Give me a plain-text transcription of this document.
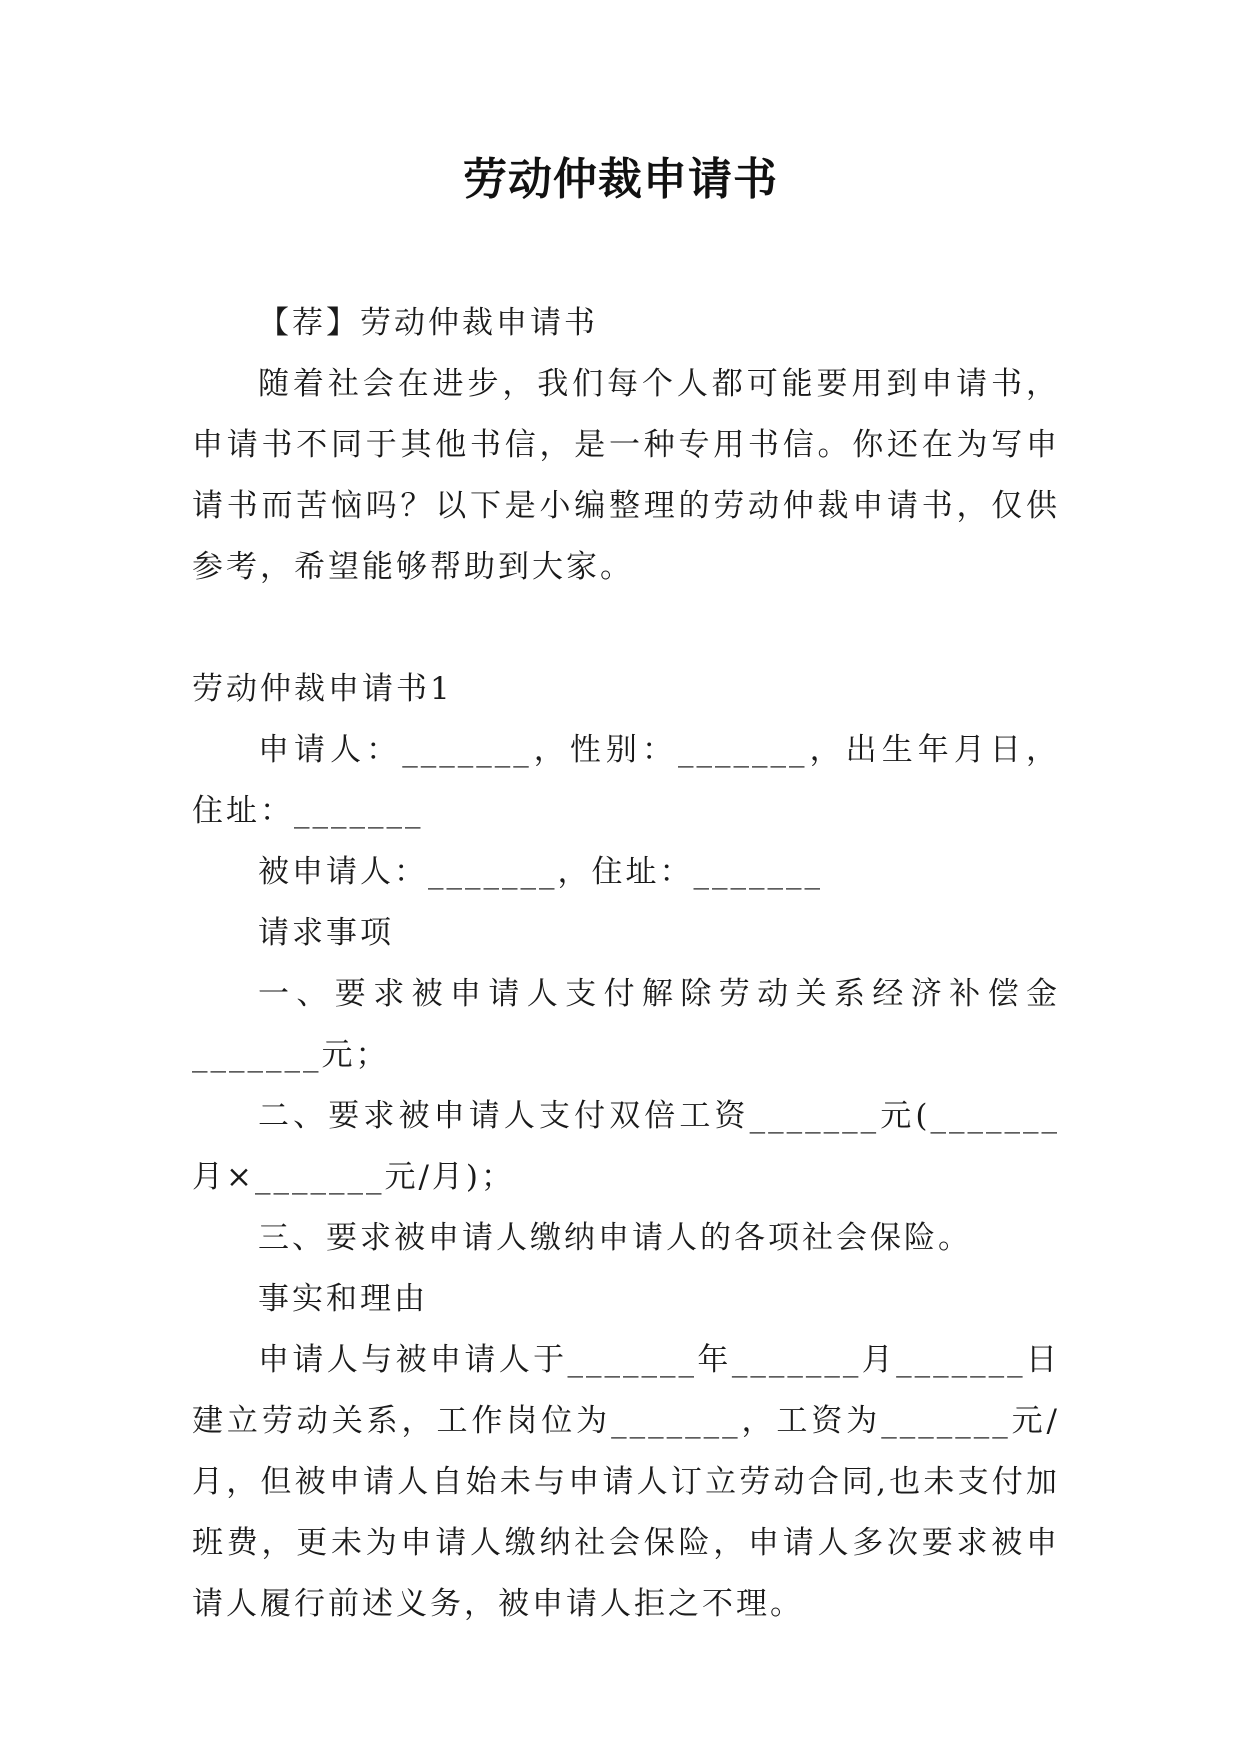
劳动仲裁申请书

【荐】劳动仲裁申请书

随着社会在进步，我们每个人都可能要用到申请书，申请书不同于其他书信，是一种专用书信。你还在为写申请书而苦恼吗？以下是小编整理的劳动仲裁申请书，仅供参考，希望能够帮助到大家。

劳动仲裁申请书1

申请人：_______，性别：_______，出生年月日，住址：_______

被申请人：_______，住址：_______

请求事项

一、要求被申请人支付解除劳动关系经济补偿金_______元；

二、要求被申请人支付双倍工资_______元(_______月×_______元/月)；

三、要求被申请人缴纳申请人的各项社会保险。

事实和理由

申请人与被申请人于_______年_______月_______日建立劳动关系，工作岗位为_______，工资为_______元/月，但被申请人自始未与申请人订立劳动合同,也未支付加班费，更未为申请人缴纳社会保险，申请人多次要求被申请人履行前述义务，被申请人拒之不理。
